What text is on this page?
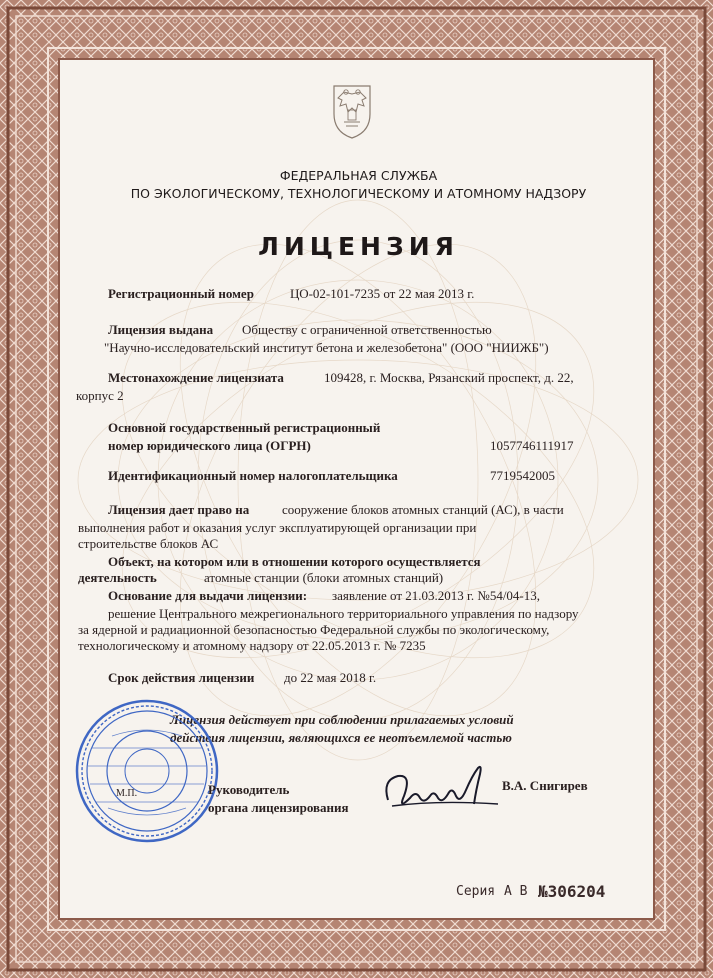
ФЕДЕРАЛЬНАЯ СЛУЖБА
ПО ЭКОЛОГИЧЕСКОМУ, ТЕХНОЛОГИЧЕСКОМУ И АТОМНОМУ НАДЗОРУ
ЛИЦЕНЗИЯ
Регистрационный номер	ЦО-02-101-7235 от 22 мая 2013 г.
Лицензия выдана Обществу с ограниченной ответственностью
"Научно-исследовательский институт бетона и железобетона" (ООО "НИИЖБ")
Местонахождение лицензиата	109428, г. Москва, Рязанский проспект, д. 22,
корпус 2
Основной государственный регистрационный
номер юридического лица (ОГРН)	1057746111917
Идентификационный номер налогоплательщика	7719542005
Лицензия дает право на	сооружение блоков атомных станций (АС), в части
выполнения работ и оказания услуг эксплуатирующей организации при
строительстве блоков АС
Объект, на котором или в отношении которого осуществляется
деятельность	атомные станции (блоки атомных станций)
Основание для выдачи лицензии: заявление от 21.03.2013 г. №54/04-13,
решение Центрального межрегионального территориального управления по надзору
за ядерной и радиационной безопасностью Федеральной службы по экологическому,
технологическому и атомному надзору от 22.05.2013 г. № 7235
Срок действия лицензии до 22 мая 2018 г.
Лицензия действует при соблюдении прилагаемых условий
действия лицензии, являющихся ее неотъемлемой частью
М.П.	Руководитель
органа лицензирования
В.А. Снигирев
Серия А В №306204
